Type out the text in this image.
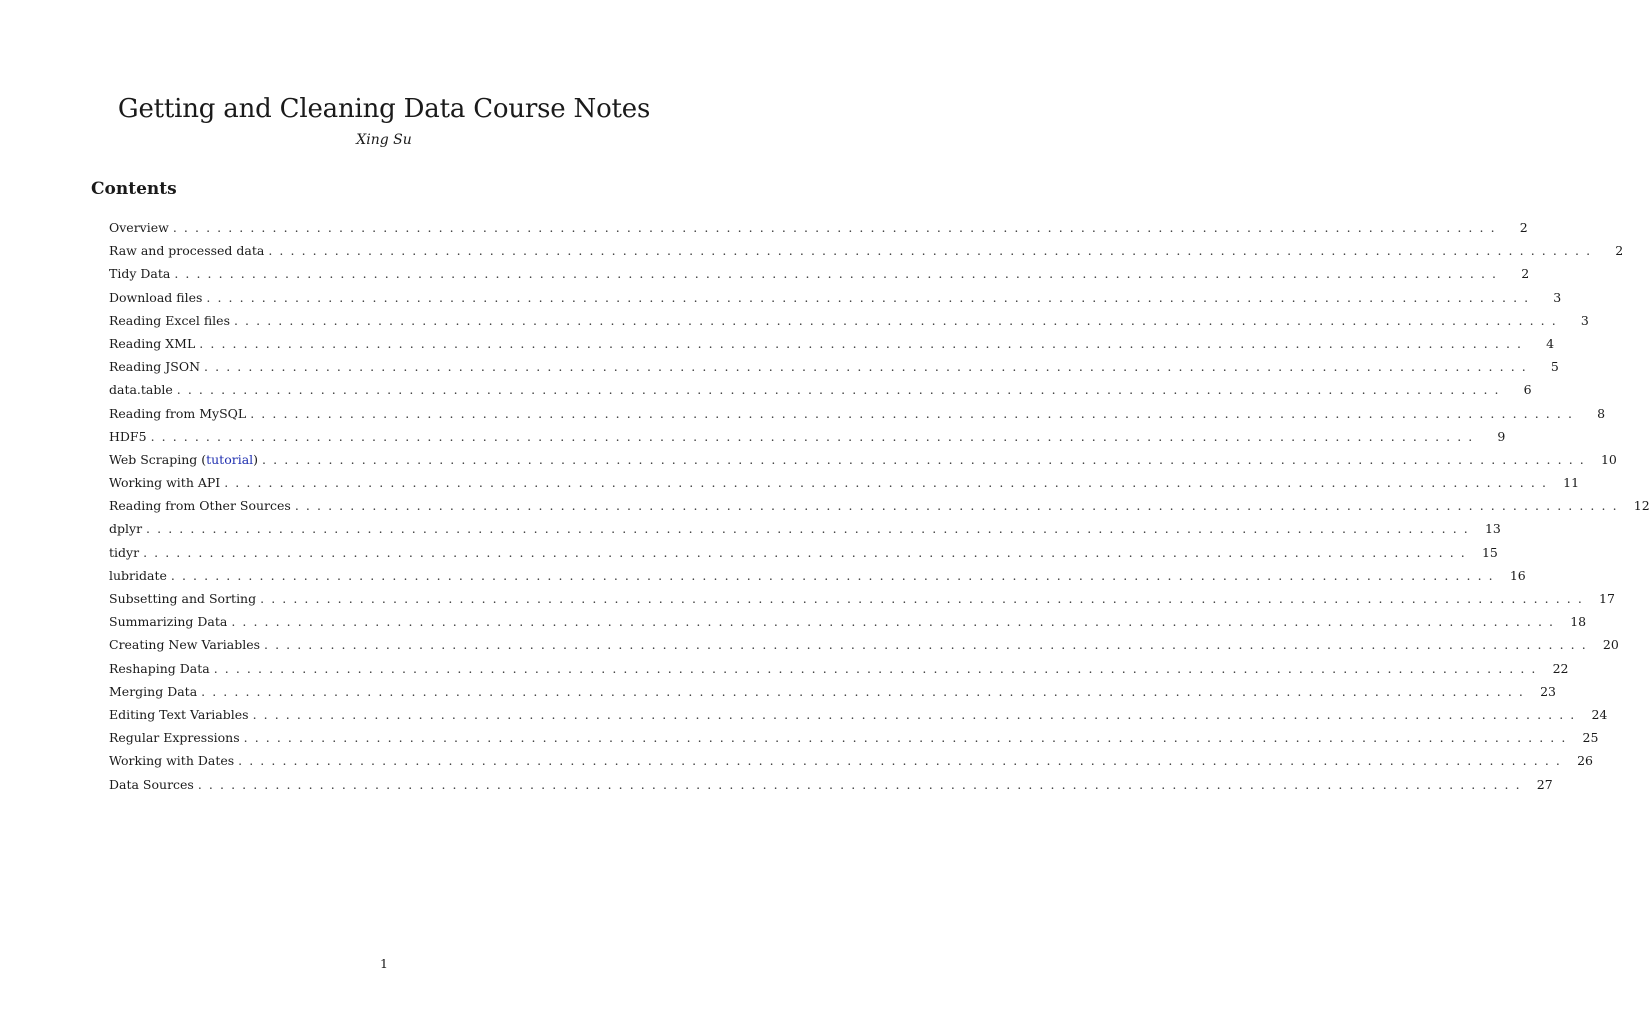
Getting and Cleaning Data Course Notes
Xing Su
Contents
Overview ........................................................................................................................	2
Raw and processed data ........................................................................................................................	2
Tidy Data ........................................................................................................................	2
Download files ........................................................................................................................	3
Reading Excel files ........................................................................................................................	3
Reading XML ........................................................................................................................	4
Reading JSON ........................................................................................................................	5
data.table ........................................................................................................................	6
Reading from MySQL ........................................................................................................................	8
HDF5 ........................................................................................................................	9
Web Scraping (tutorial) ........................................................................................................................ 10
Working with API ........................................................................................................................ 11
Reading from Other Sources ........................................................................................................................ 12
dplyr ........................................................................................................................ 13
tidyr ........................................................................................................................ 15
lubridate ........................................................................................................................ 16
Subsetting and Sorting ........................................................................................................................ 17
Summarizing Data ........................................................................................................................ 18
Creating New Variables ........................................................................................................................ 20
Reshaping Data ........................................................................................................................ 22
Merging Data ........................................................................................................................ 23
Editing Text Variables ........................................................................................................................ 24
Regular Expressions ........................................................................................................................ 25
Working with Dates ........................................................................................................................ 26
Data Sources ........................................................................................................................ 27
1
